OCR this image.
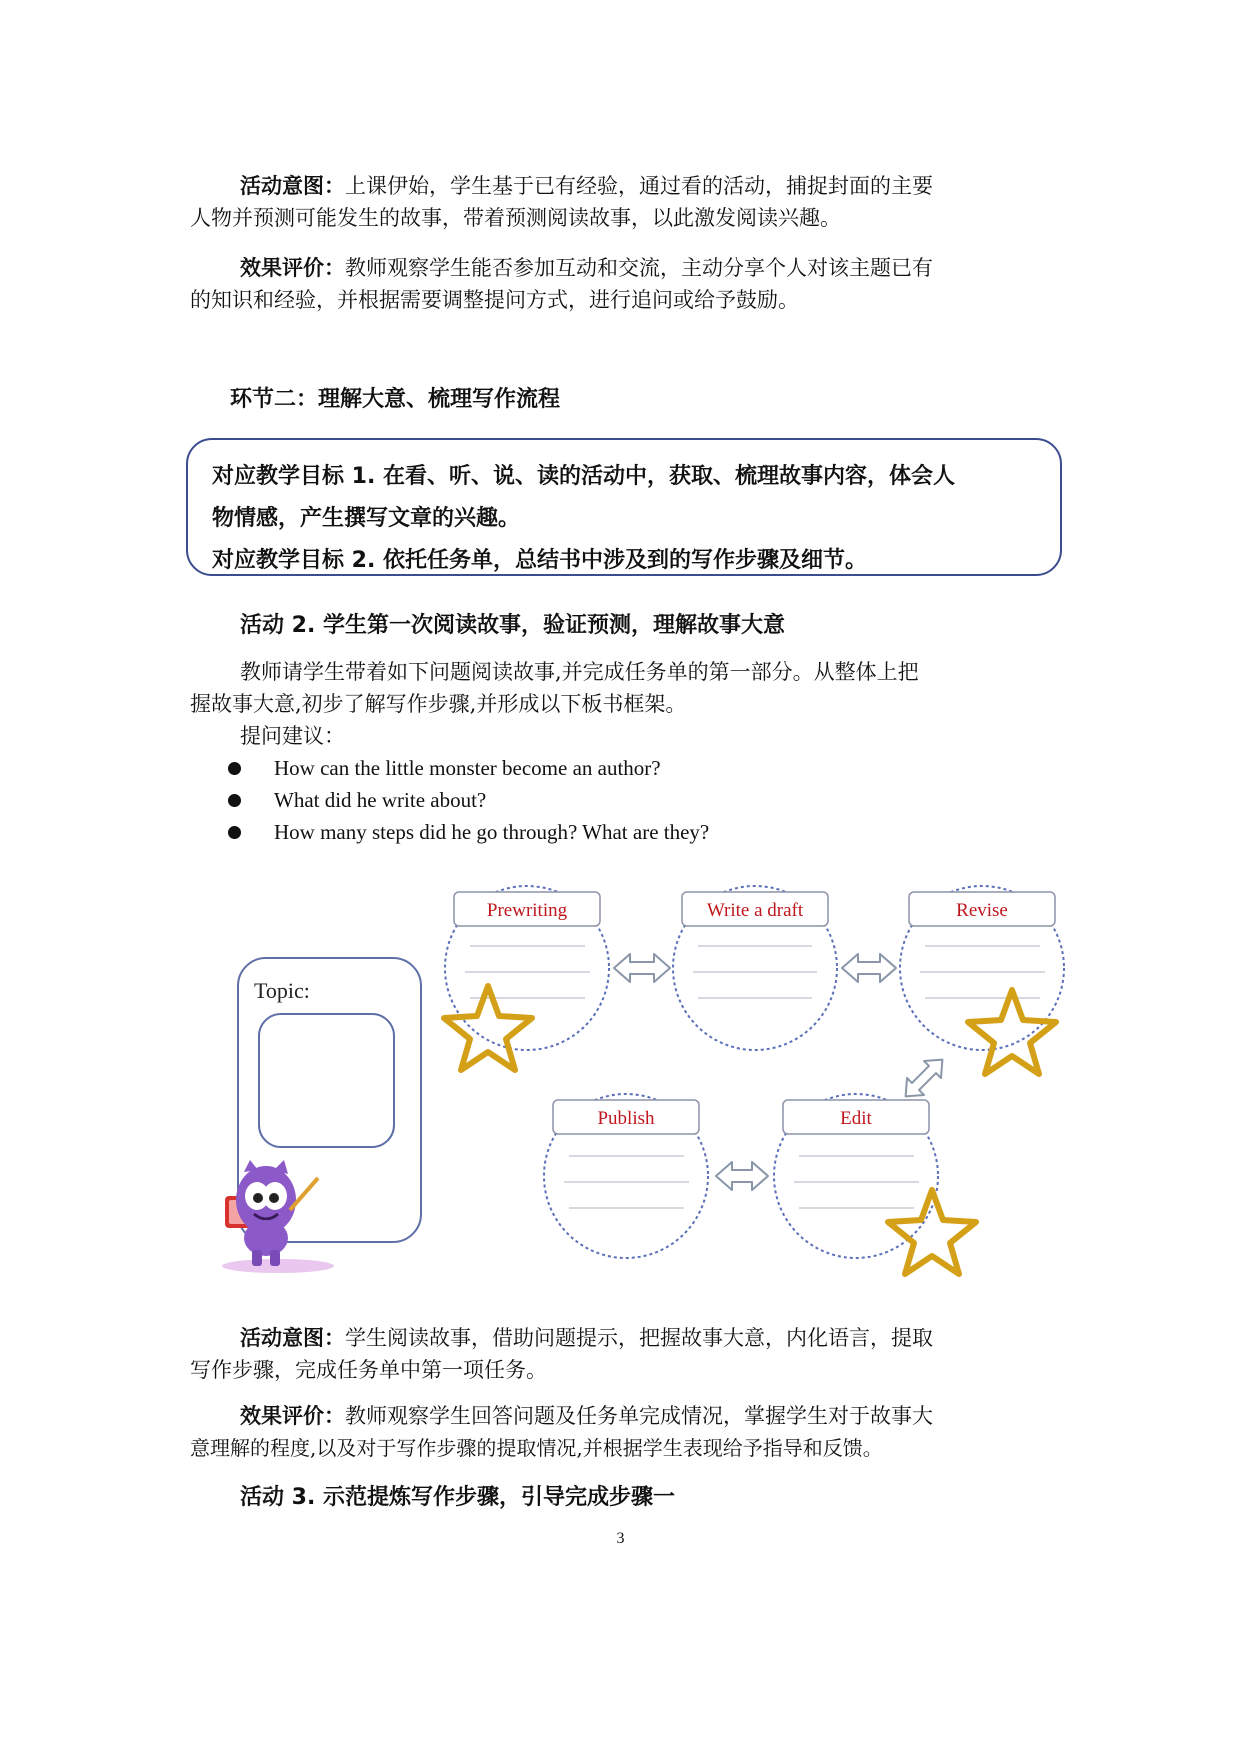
活动意图：上课伊始，学生基于已有经验，通过看的活动，捕捉封面的主要
人物并预测可能发生的故事，带着预测阅读故事，以此激发阅读兴趣。
效果评价：教师观察学生能否参加互动和交流，主动分享个人对该主题已有
的知识和经验，并根据需要调整提问方式，进行追问或给予鼓励。
环节二：理解大意、梳理写作流程
对应教学目标 1. 在看、听、说、读的活动中，获取、梳理故事内容，体会人
物情感，产生撰写文章的兴趣。
对应教学目标 2. 依托任务单，总结书中涉及到的写作步骤及细节。
活动 2. 学生第一次阅读故事，验证预测，理解故事大意
教师请学生带着如下问题阅读故事,并完成任务单的第一部分。从整体上把
握故事大意,初步了解写作步骤,并形成以下板书框架。
提问建议：
How can the little monster become an author?
What did he write about?
How many steps did he go through? What are they?
Topic:
Prewriting	Write a draft	Revise
Edit
Publish
活动意图：学生阅读故事，借助问题提示，把握故事大意，内化语言，提取
写作步骤，完成任务单中第一项任务。
效果评价：教师观察学生回答问题及任务单完成情况，掌握学生对于故事大
意理解的程度,以及对于写作步骤的提取情况,并根据学生表现给予指导和反馈。
活动 3. 示范提炼写作步骤，引导完成步骤一
3
